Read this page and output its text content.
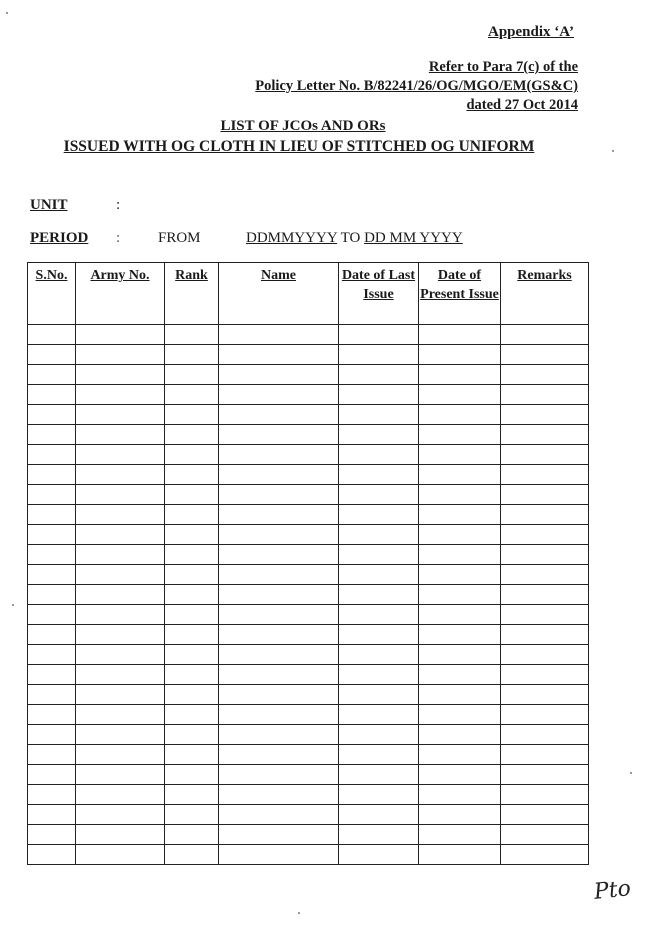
Appendix ‘A’
Refer to Para 7(c) of the
Policy Letter No. B/82241/26/OG/MGO/EM(GS&C)
dated 27 Oct 2014
LIST OF JCOs AND ORs
ISSUED WITH OG CLOTH IN LIEU OF STITCHED OG UNIFORM
UNIT	:
PERIOD :	FROM	DDMMYYYY TO DD MM YYYY
S.No.	Army No.	Rank	Name	Date of Last Issue	Date of Present Issue	Remarks

Pto
